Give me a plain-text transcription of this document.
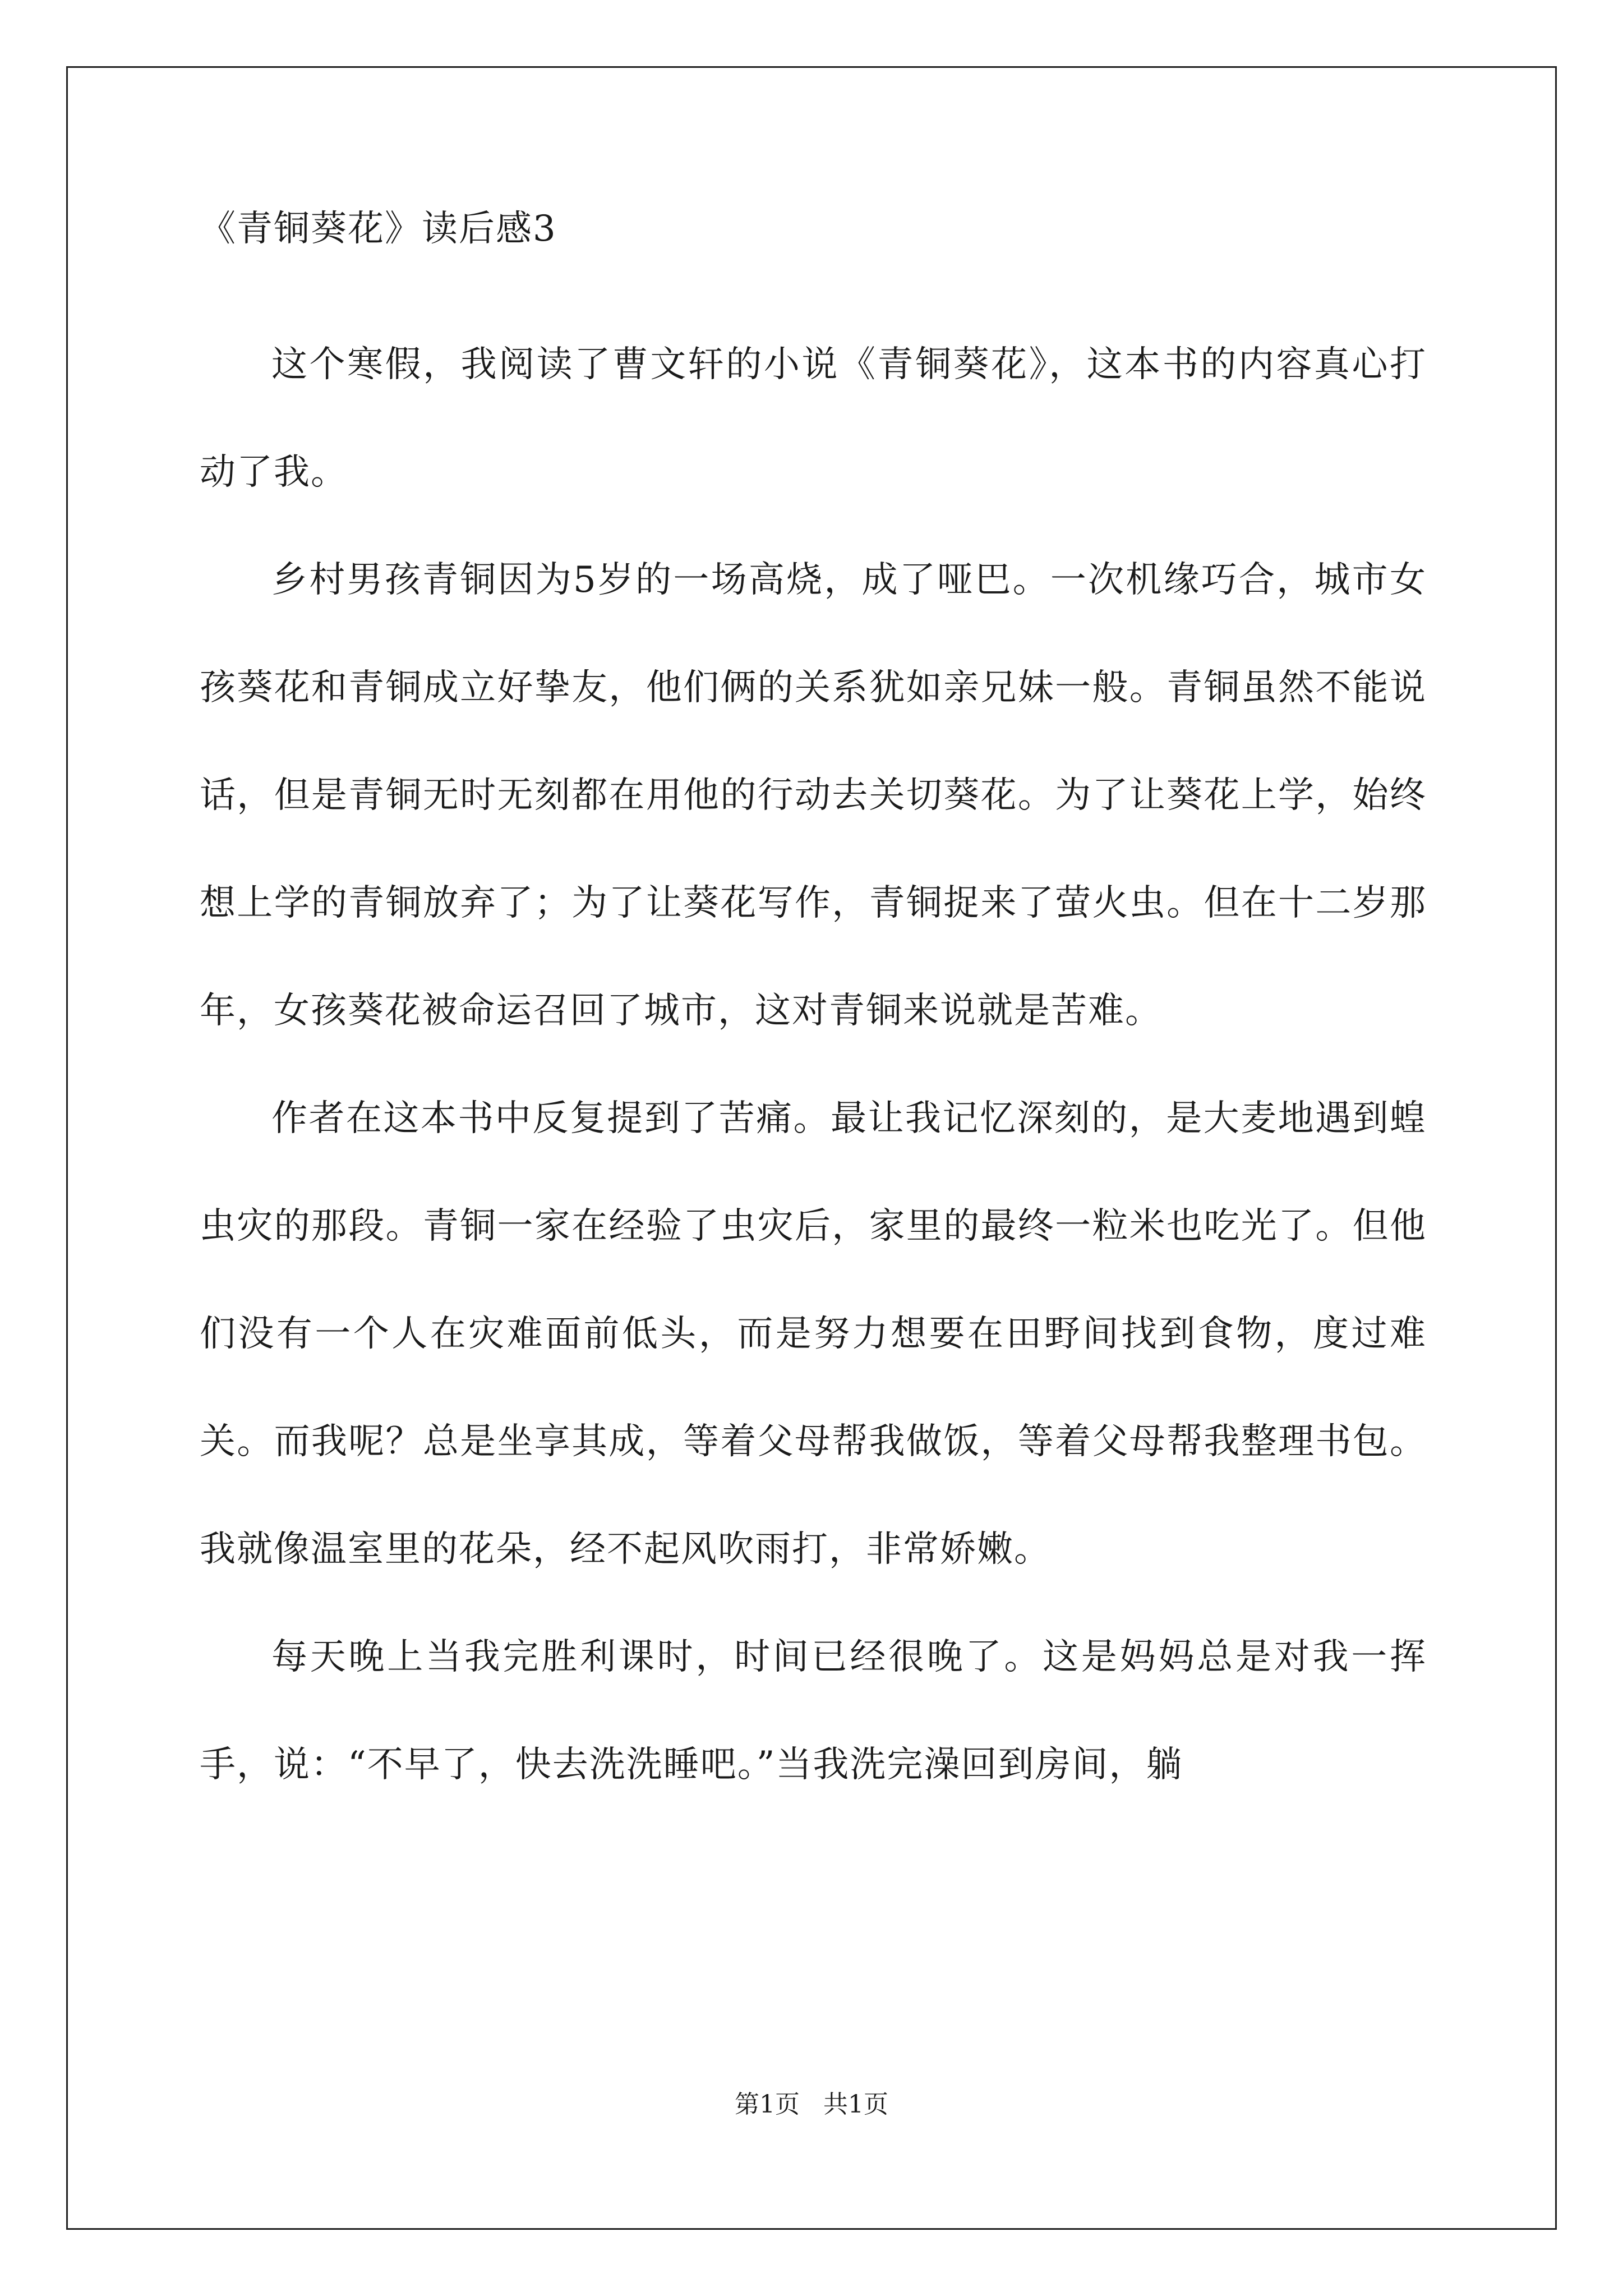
《青铜葵花》读后感3

这个寒假，我阅读了曹文轩的小说《青铜葵花》，这本书的内容真心打动了我。

乡村男孩青铜因为5岁的一场高烧，成了哑巴。一次机缘巧合，城市女孩葵花和青铜成立好挚友，他们俩的关系犹如亲兄妹一般。青铜虽然不能说话，但是青铜无时无刻都在用他的行动去关切葵花。为了让葵花上学，始终想上学的青铜放弃了；为了让葵花写作，青铜捉来了萤火虫。但在十二岁那年，女孩葵花被命运召回了城市，这对青铜来说就是苦难。

作者在这本书中反复提到了苦痛。最让我记忆深刻的，是大麦地遇到蝗虫灾的那段。青铜一家在经验了虫灾后，家里的最终一粒米也吃光了。但他们没有一个人在灾难面前低头，而是努力想要在田野间找到食物，度过难关。而我呢？总是坐享其成，等着父母帮我做饭，等着父母帮我整理书包。我就像温室里的花朵，经不起风吹雨打，非常娇嫩。

每天晚上当我完胜利课时，时间已经很晚了。这是妈妈总是对我一挥手，说：“不早了，快去洗洗睡吧。”当我洗完澡回到房间，躺

第1页   共1页
